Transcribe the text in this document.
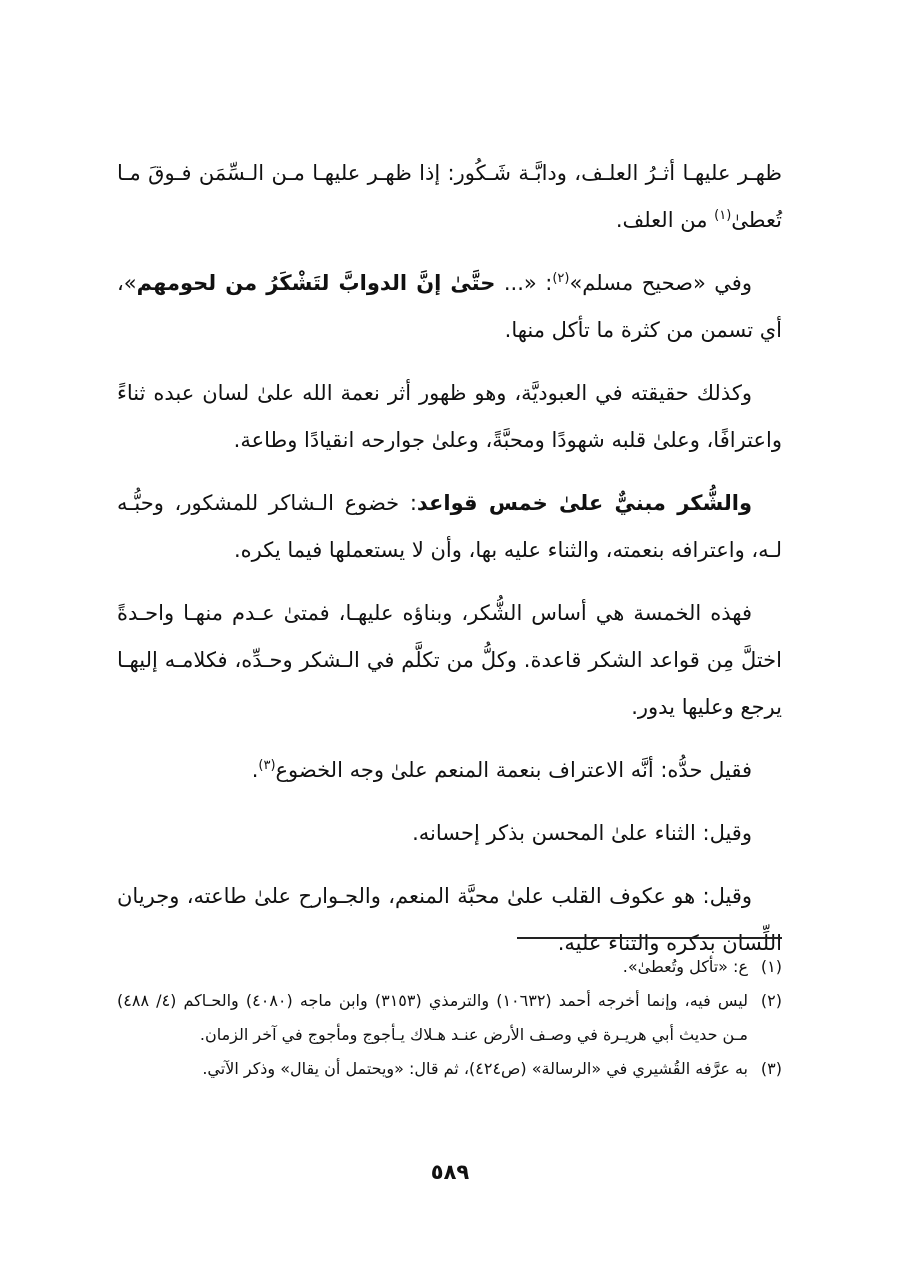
ظهـر عليهـا أثـرُ العلـف، ودابَّـة شَـكُور: إذا ظهـر عليهـا مـن الـسِّمَن فـوقَ مـا تُعطىٰ$^{(١)}$ من العلف.

وفي «صحيح مسلم»$^{(٢)}$: «... حتَّىٰ إنَّ الدوابَّ لتَشْكَرُ من لحومهم»، أي تسمن من كثرة ما تأكل منها.

وكذلك حقيقته في العبوديَّة، وهو ظهور أثر نعمة الله علىٰ لسان عبده ثناءً واعترافًا، وعلىٰ قلبه شهودًا ومحبَّةً، وعلىٰ جوارحه انقيادًا وطاعة.

والشُّكر مبنيٌّ علىٰ خمس قواعد: خضوع الـشاكر للمشكور، وحبُّـه لـه، واعترافه بنعمته، والثناء عليه بها، وأن لا يستعملها فيما يكره.

فهذه الخمسة هي أساس الشُّكر، وبناؤه عليهـا، فمتىٰ عـدم منهـا واحـدةً اختلَّ مِن قواعد الشكر قاعدة. وكلُّ من تكلَّم في الـشكر وحـدِّه، فكلامـه إليهـا يرجع وعليها يدور.

فقيل حدُّه: أنَّه الاعتراف بنعمة المنعم علىٰ وجه الخضوع$^{(٣)}$.

وقيل: الثناء علىٰ المحسن بذكر إحسانه.

وقيل: هو عكوف القلب علىٰ محبَّة المنعم، والجـوارح علىٰ طاعته، وجريان اللِّسان بذكره والثناء عليه.

(١)
ع: «تأكل وتُعطىٰ».
(٢)
ليس فيه، وإنما أخرجه أحمد (١٠٦٣٢) والترمذي (٣١٥٣) وابن ماجه (٤٠٨٠) والحـاكم (٤/ ٤٨٨) مـن حديث أبي هريـرة في وصـف الأرض عنـد هـلاك يـأجوج ومأجوج في آخر الزمان.
(٣)
به عرَّفه القُشيري في «الرسالة» (ص٤٢٤)، ثم قال: «ويحتمل أن يقال» وذكر الآتي.
٥٨٩
